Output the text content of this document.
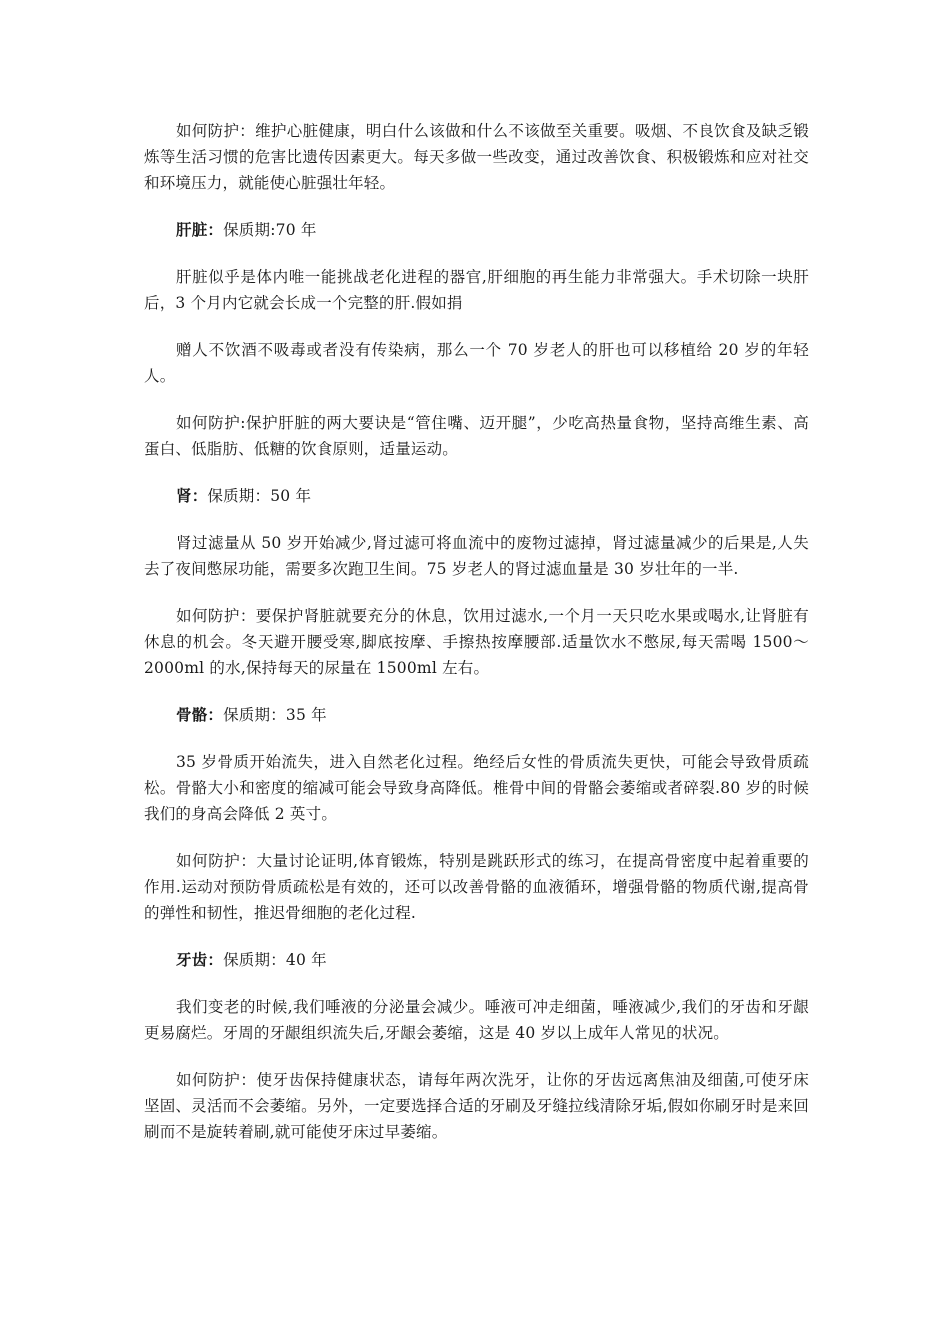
如何防护：维护心脏健康，明白什么该做和什么不该做至关重要。吸烟、不良饮食及缺乏锻炼等生活习惯的危害比遗传因素更大。每天多做一些改变，通过改善饮食、积极锻炼和应对社交和环境压力，就能使心脏强壮年轻。

肝脏：保质期:70 年

肝脏似乎是体内唯一能挑战老化进程的器官,肝细胞的再生能力非常强大。手术切除一块肝后，3 个月内它就会长成一个完整的肝.假如捐

赠人不饮酒不吸毒或者没有传染病，那么一个 70 岁老人的肝也可以移植给 20 岁的年轻人。

如何防护:保护肝脏的两大要诀是“管住嘴、迈开腿”，少吃高热量食物，坚持高维生素、高蛋白、低脂肪、低糖的饮食原则，适量运动。

肾：保质期：50 年

肾过滤量从 50 岁开始减少,肾过滤可将血流中的废物过滤掉，肾过滤量减少的后果是,人失去了夜间憋尿功能，需要多次跑卫生间。75 岁老人的肾过滤血量是 30 岁壮年的一半.

如何防护：要保护肾脏就要充分的休息，饮用过滤水,一个月一天只吃水果或喝水,让肾脏有休息的机会。冬天避开腰受寒,脚底按摩、手擦热按摩腰部.适量饮水不憋尿,每天需喝 1500～2000ml 的水,保持每天的尿量在 1500ml 左右。

骨骼：保质期：35 年

35 岁骨质开始流失，进入自然老化过程。绝经后女性的骨质流失更快，可能会导致骨质疏松。骨骼大小和密度的缩减可能会导致身高降低。椎骨中间的骨骼会萎缩或者碎裂.80 岁的时候我们的身高会降低 2 英寸。

如何防护：大量讨论证明,体育锻炼，特别是跳跃形式的练习，在提高骨密度中起着重要的作用.运动对预防骨质疏松是有效的，还可以改善骨骼的血液循环，增强骨骼的物质代谢,提高骨的弹性和韧性，推迟骨细胞的老化过程.

牙齿：保质期：40 年

我们变老的时候,我们唾液的分泌量会减少。唾液可冲走细菌，唾液减少,我们的牙齿和牙龈更易腐烂。牙周的牙龈组织流失后,牙龈会萎缩，这是 40 岁以上成年人常见的状况。

如何防护：使牙齿保持健康状态，请每年两次洗牙，让你的牙齿远离焦油及细菌,可使牙床坚固、灵活而不会萎缩。另外，一定要选择合适的牙刷及牙缝拉线清除牙垢,假如你刷牙时是来回刷而不是旋转着刷,就可能使牙床过早萎缩。
